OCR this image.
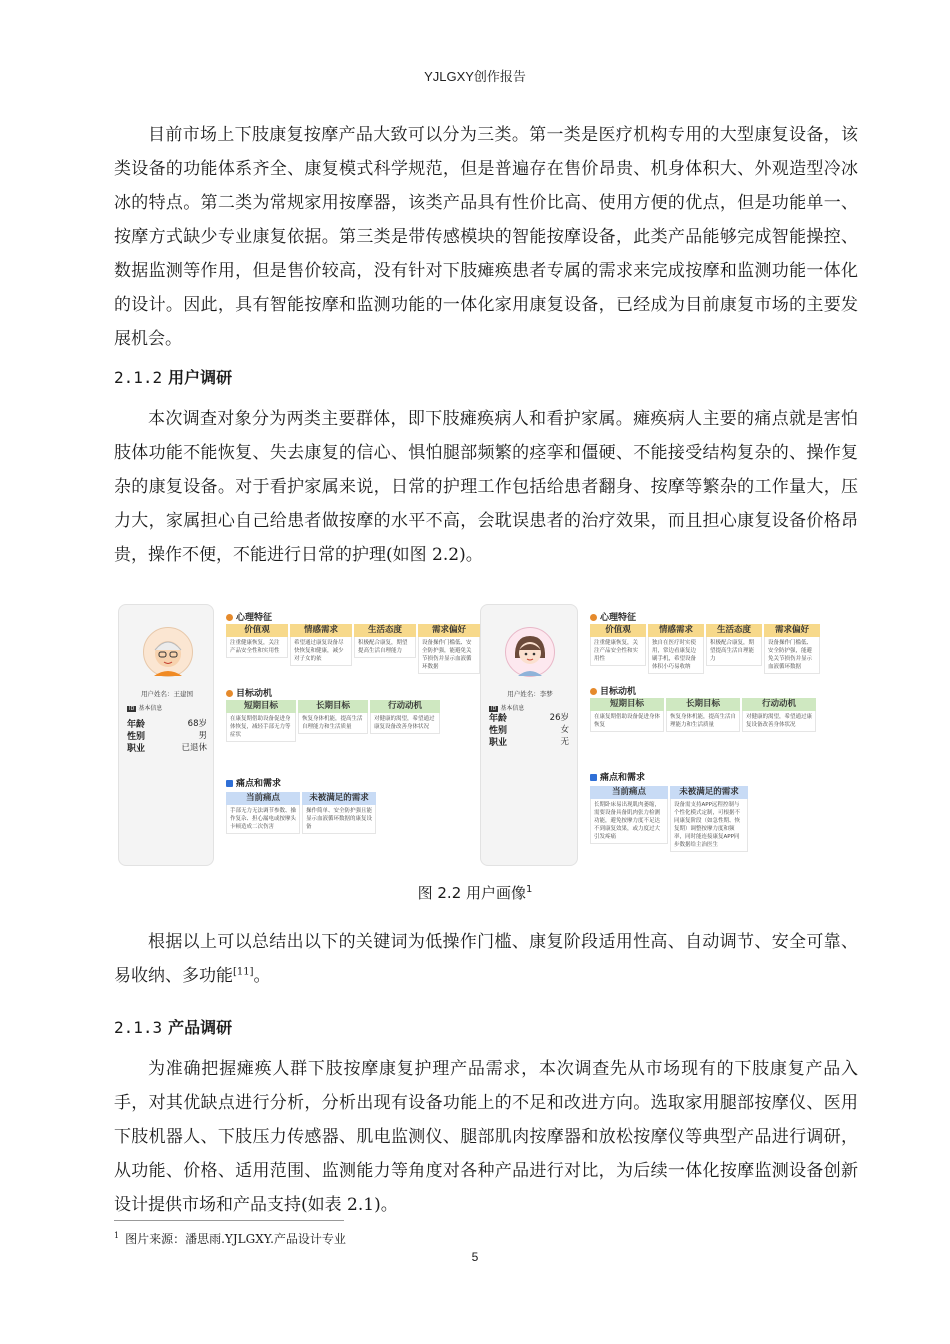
YJLGXY创作报告

目前市场上下肢康复按摩产品大致可以分为三类。第一类是医疗机构专用的大型康复设备，该类设备的功能体系齐全、康复模式科学规范，但是普遍存在售价昂贵、机身体积大、外观造型冷冰冰的特点。第二类为常规家用按摩器，该类产品具有性价比高、使用方便的优点，但是功能单一、按摩方式缺少专业康复依据。第三类是带传感模块的智能按摩设备，此类产品能够完成智能操控、数据监测等作用，但是售价较高，没有针对下肢瘫痪患者专属的需求来完成按摩和监测功能一体化的设计。因此，具有智能按摩和监测功能的一体化家用康复设备，已经成为目前康复市场的主要发展机会。

2.1.2 用户调研

本次调查对象分为两类主要群体，即下肢瘫痪病人和看护家属。瘫痪病人主要的痛点就是害怕肢体功能不能恢复、失去康复的信心、惧怕腿部频繁的痉挛和僵硬、不能接受结构复杂的、操作复杂的康复设备。对于看护家属来说，日常的护理工作包括给患者翻身、按摩等繁杂的工作量大，压力大，家属担心自己给患者做按摩的水平不高，会耽误患者的治疗效果，而且担心康复设备价格昂贵，操作不便，不能进行日常的护理(如图 2.2)。

用户姓名：王建国
ID 基本信息
年龄	68岁
性别	男
职业	已退休
心理特征
价值观
注重健康恢复，关注产品安全性和实用性
情感需求
希望通过康复设备尽快恢复和健康，减少对子女的依
生活态度
积极配合康复，期望提高生活自理能力
需求偏好
设备操作门槛低、安全防护强，能避免关节损伤并显示血液循环数据
目标动机
短期目标
在康复期借助设备促进身体恢复，减轻手部无力等症状
长期目标
恢复身体机能，提高生活自理能力和生活质量
行动动机
对健康的渴望，希望通过康复设备改善身体状况
痛点和需求
当前痛点
手部无力无法调节参数、操作复杂、担心漏电或按摩头卡顿造成二次伤害
未被满足的需求
操作简单、安全防护强且能显示血液循环数据的康复设备
用户姓名：李梦
ID 基本信息
年龄	26岁
性别	女
职业	无
心理特征
价值观
注重健康恢复，关注产品安全性和实用性
情感需求
独自在医疗时实使用，常边看康复边刷手机，希望设备体积小巧易收纳
生活态度
积极配合康复，期望提高生活自理能力
需求偏好
设备操作门槛低、安全防护强，能避免关节损伤并显示血液循环数据
目标动机
短期目标
在康复期借助设备促进身体恢复
长期目标
恢复身体机能，提高生活自理能力和生活质量
行动动机
对健康的渴望，希望通过康复设备改善身体状况
痛点和需求
当前痛点
长期卧床易出现肌肉萎缩，需要设备具备肌肉张力检测功能，避免按摩力度不足达不到康复效果，或力度过大引发疼痛
未被满足的需求
设备需支持APP远程控制与个性化模式定制，可根据不同康复阶段（如急性期、恢复期）调整按摩力度和频率，同时能连接康复APP同步数据给主治医生
图 2.2 用户画像$^1$

根据以上可以总结出以下的关键词为低操作门槛、康复阶段适用性高、自动调节、安全可靠、易收纳、多功能[11]。

2.1.3 产品调研

为准确把握瘫痪人群下肢按摩康复护理产品需求，本次调查先从市场现有的下肢康复产品入手，对其优缺点进行分析，分析出现有设备功能上的不足和改进方向。选取家用腿部按摩仪、医用下肢机器人、下肢压力传感器、肌电监测仪、腿部肌肉按摩器和放松按摩仪等典型产品进行调研，从功能、价格、适用范围、监测能力等角度对各种产品进行对比，为后续一体化按摩监测设备创新设计提供市场和产品支持(如表 2.1)。

$^1$ 图片来源：潘思雨.YJLGXY.产品设计专业
5
